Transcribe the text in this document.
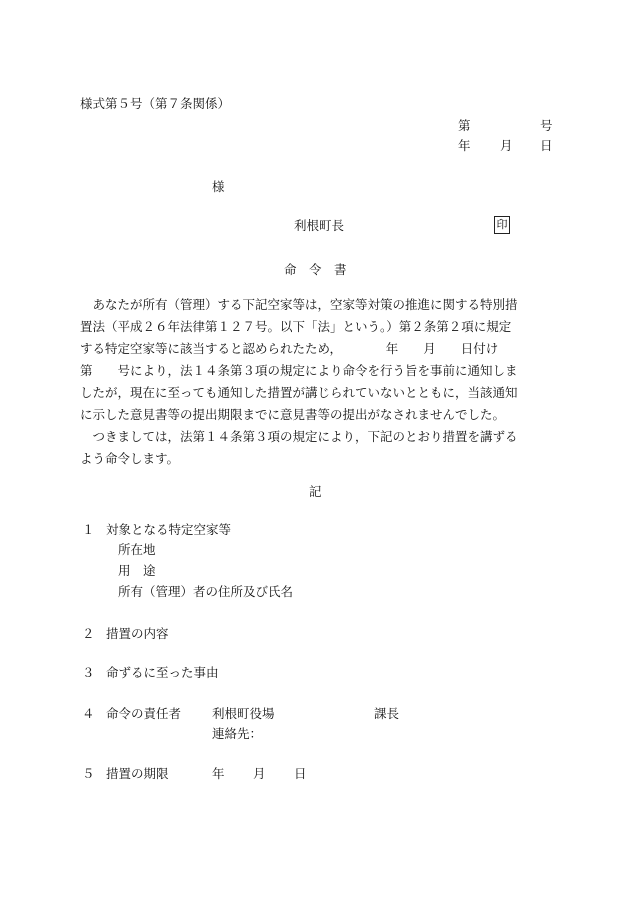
様式第５号（第７条関係）
第	号
年 月 日
様
利根町長	印
命　令　書
　あなたが所有（管理）する下記空家等は，空家等対策の推進に関する特別措
置法（平成２６年法律第１２７号。以下「法」という。）第２条第２項に規定
する特定空家等に該当すると認められたため，　　　　年　　月　　日付け
第　　号により，法１４条第３項の規定により命令を行う旨を事前に通知しま
したが，現在に至っても通知した措置が講じられていないとともに，当該通知
に示した意見書等の提出期限までに意見書等の提出がなされませんでした。
　つきましては，法第１４条第３項の規定により，下記のとおり措置を講ずる
よう命令します。
記
１ 対象となる特定空家等
所在地
用　途
所有（管理）者の住所及び氏名
２ 措置の内容
３ 命ずるに至った事由
４ 命令の責任者 利根町役場	課長
連絡先：
５ 措置の期限	年 月 日
